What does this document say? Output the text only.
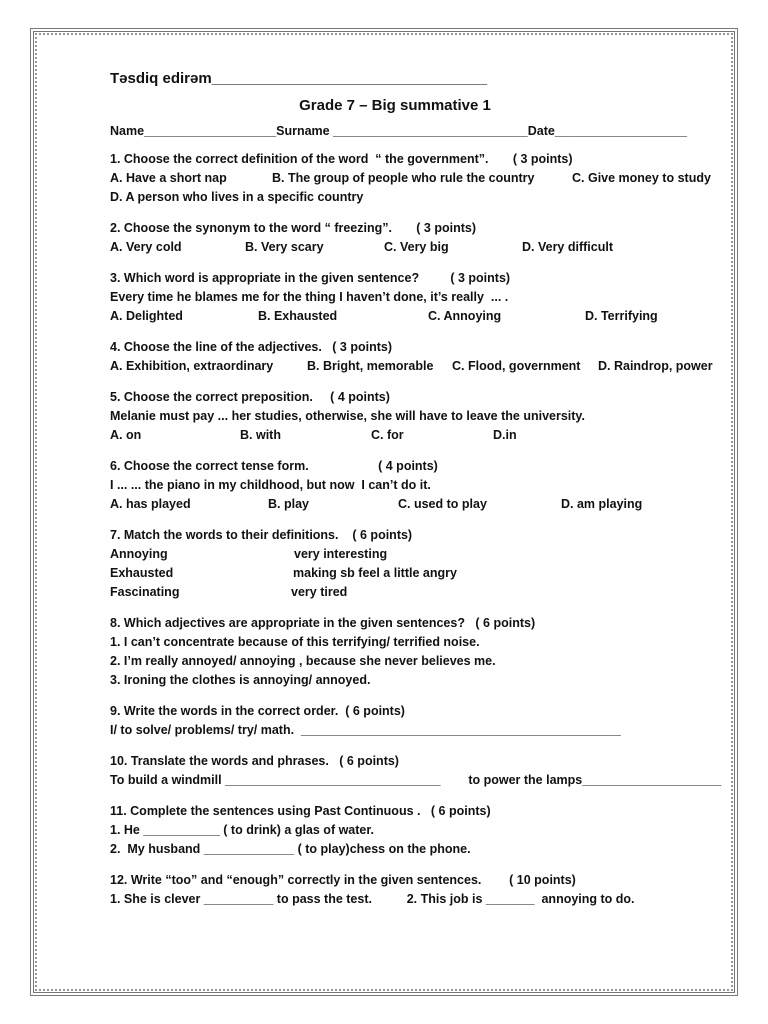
Təsdiq edirəm_________________________________
Grade 7 – Big summative 1
Name___________________Surname ____________________________Date___________________
1. Choose the correct definition of the word  “ the government”.       ( 3 points)
A. Have a short nap	B. The group of people who rule the country	C. Give money to study
D. A person who lives in a specific country
2. Choose the synonym to the word “ freezing”.       ( 3 points)
A. Very cold	B. Very scary	C. Very big	D. Very difficult
3. Which word is appropriate in the given sentence?         ( 3 points)
Every time he blames me for the thing I haven’t done, it’s really  ... .
A. Delighted	B. Exhausted	C. Annoying	D. Terrifying
4. Choose the line of the adjectives.   ( 3 points)
A. Exhibition, extraordinary	B. Bright, memorable	C. Flood, government	D. Raindrop, power
5. Choose the correct preposition.     ( 4 points)
Melanie must pay ... her studies, otherwise, she will have to leave the university.
A. on	B. with	C. for	D.in
6. Choose the correct tense form.                    ( 4 points)
I ... ... the piano in my childhood, but now  I can’t do it.
A. has played	B. play	C. used to play	D. am playing
7. Match the words to their definitions.    ( 6 points)
Annoying	very interesting
Exhausted	making sb feel a little angry
Fascinating	very tired
8. Which adjectives are appropriate in the given sentences?   ( 6 points)
1. I can’t concentrate because of this terrifying/ terrified noise.
2. I’m really annoyed/ annoying , because she never believes me.
3. Ironing the clothes is annoying/ annoyed.
9. Write the words in the correct order.  ( 6 points)
I/ to solve/ problems/ try/ math.  ______________________________________________
10. Translate the words and phrases.   ( 6 points)
To build a windmill _______________________________        to power the lamps____________________
11. Complete the sentences using Past Continuous .   ( 6 points)
1. He ___________ ( to drink) a glas of water.
2.  My husband _____________ ( to play)chess on the phone.
12. Write “too” and “enough” correctly in the given sentences.        ( 10 points)
1. She is clever __________ to pass the test.          2. This job is _______  annoying to do.
